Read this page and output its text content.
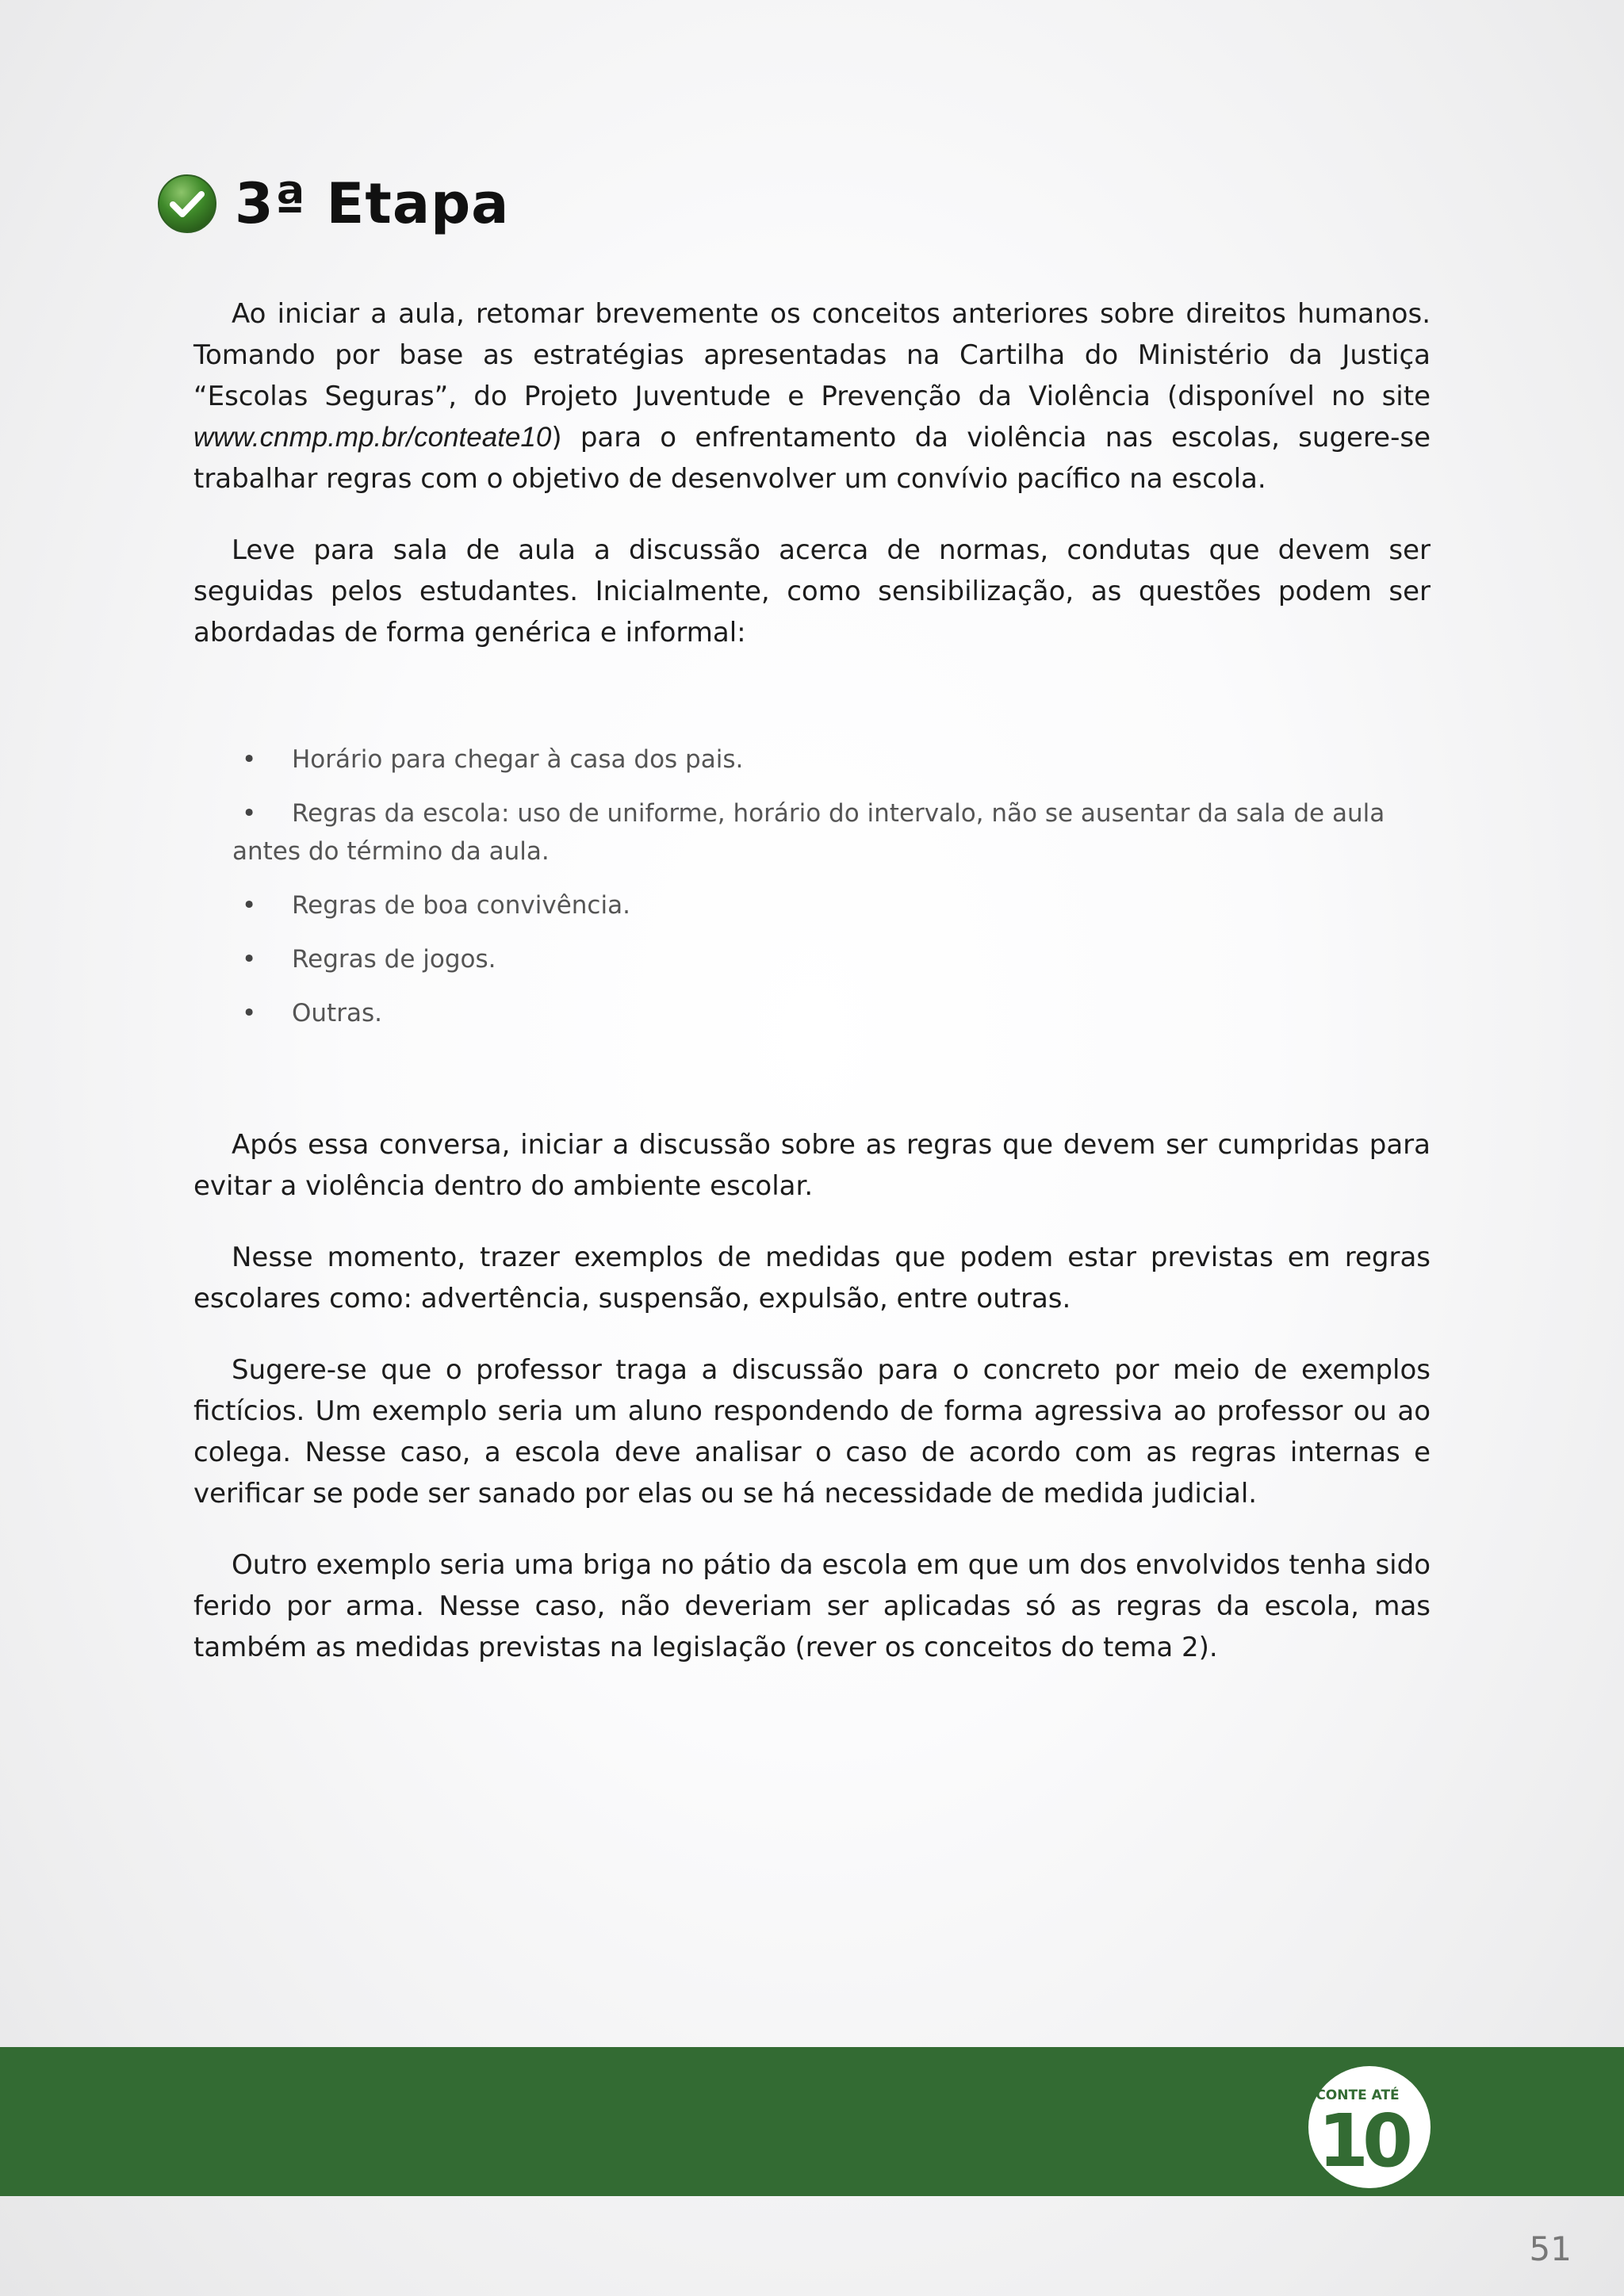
3ª Etapa

Ao iniciar a aula, retomar brevemente os conceitos anteriores sobre direitos humanos. Tomando por base as estratégias apresentadas na Cartilha do Ministério da Justiça “Escolas Seguras”, do Projeto Juventude e Prevenção da Violência (disponível no site www.cnmp.mp.br/conteate10) para o enfrentamento da violência nas escolas, sugere-se trabalhar regras com o objetivo de desenvolver um convívio pacífico na escola.

Leve para sala de aula a discussão acerca de normas, condutas que devem ser seguidas pelos estudantes. Inicialmente, como sensibilização, as questões podem ser abordadas de forma genérica e informal:

• Horário para chegar à casa dos pais.
• Regras da escola: uso de uniforme, horário do intervalo, não se ausentar da sala de aula antes do término da aula.
• Regras de boa convivência.
• Regras de jogos.
• Outras.

Após essa conversa, iniciar a discussão sobre as regras que devem ser cumpridas para evitar a violência dentro do ambiente escolar.

Nesse momento, trazer exemplos de medidas que podem estar previstas em regras escolares como: advertência, suspensão, expulsão, entre outras.

Sugere-se que o professor traga a discussão para o concreto por meio de exemplos fictícios. Um exemplo seria um aluno respondendo de forma agressiva ao professor ou ao colega. Nesse caso, a escola deve analisar o caso de acordo com as regras internas e verificar se pode ser sanado por elas ou se há necessidade de medida judicial.

Outro exemplo seria uma briga no pátio da escola em que um dos envolvidos tenha sido ferido por arma. Nesse caso, não deveriam ser aplicadas só as regras da escola, mas também as medidas previstas na legislação (rever os conceitos do tema 2).

CONTE ATÉ
10
51
